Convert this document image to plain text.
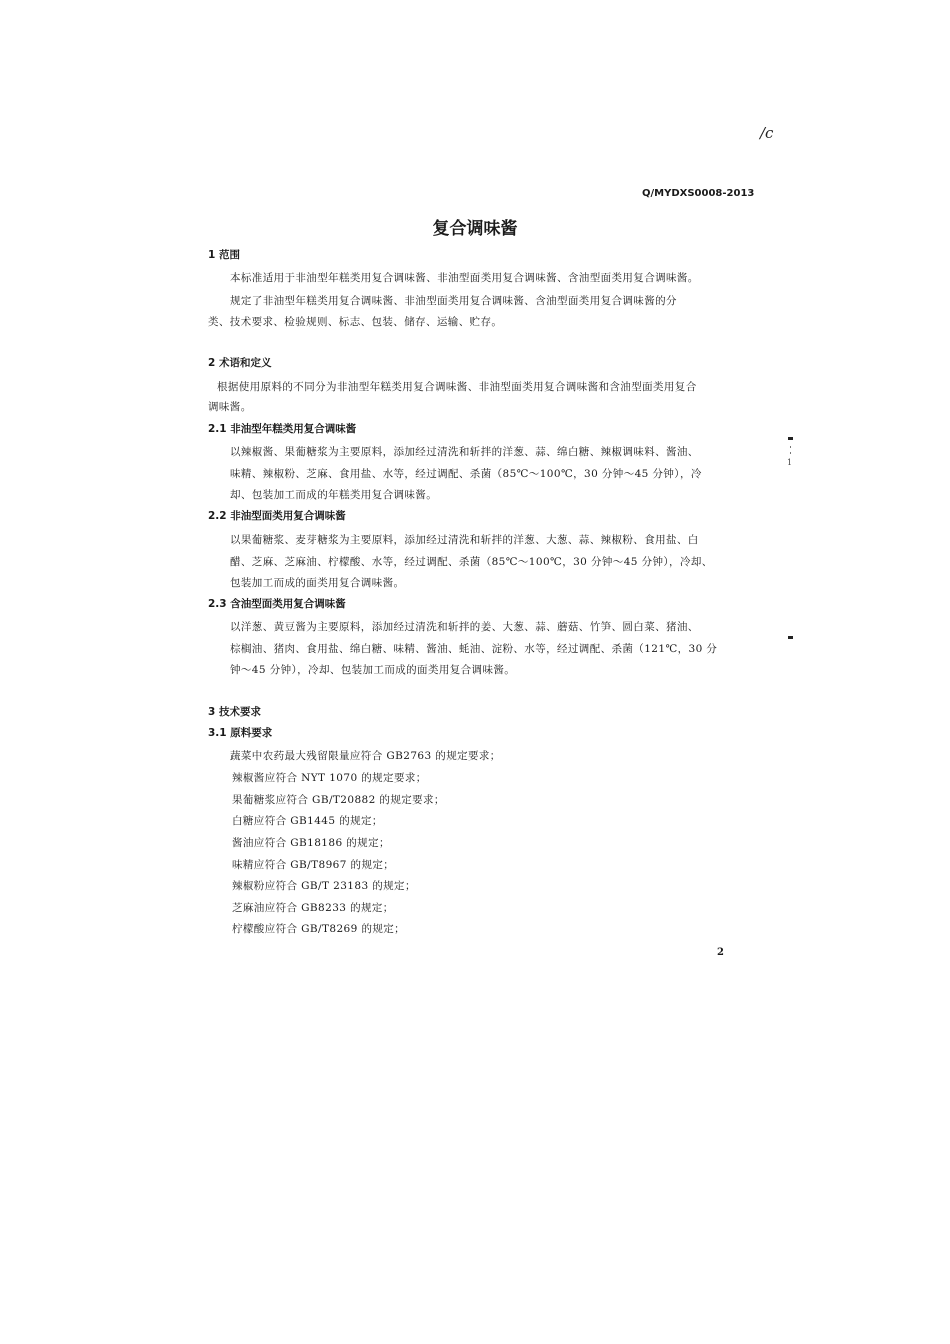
/c
Q/MYDXS0008-2013
复合调味酱
1 范围
本标准适用于非油型年糕类用复合调味酱、非油型面类用复合调味酱、含油型面类用复合调味酱。
规定了非油型年糕类用复合调味酱、非油型面类用复合调味酱、含油型面类用复合调味酱的分
类、技术要求、检验规则、标志、包装、储存、运输、贮存。
2 术语和定义
根据使用原料的不同分为非油型年糕类用复合调味酱、非油型面类用复合调味酱和含油型面类用复合
调味酱。
2.1 非油型年糕类用复合调味酱
以辣椒酱、果葡糖浆为主要原料，添加经过清洗和斩拌的洋葱、蒜、绵白糖、辣椒调味料、酱油、
味精、辣椒粉、芝麻、食用盐、水等，经过调配、杀菌（85℃～100℃，30 分钟～45 分钟），冷
却、包装加工而成的年糕类用复合调味酱。
2.2 非油型面类用复合调味酱
以果葡糖浆、麦芽糖浆为主要原料，添加经过清洗和斩拌的洋葱、大葱、蒜、辣椒粉、食用盐、白
醋、芝麻、芝麻油、柠檬酸、水等，经过调配、杀菌（85℃～100℃，30 分钟～45 分钟），冷却、
包装加工而成的面类用复合调味酱。
2.3 含油型面类用复合调味酱
以洋葱、黄豆酱为主要原料，添加经过清洗和斩拌的姜、大葱、蒜、蘑菇、竹笋、圆白菜、猪油、
棕榈油、猪肉、食用盐、绵白糖、味精、酱油、蚝油、淀粉、水等，经过调配、杀菌（121℃，30 分
钟～45 分钟），冷却、包装加工而成的面类用复合调味酱。
3 技术要求
3.1 原料要求
蔬菜中农药最大残留限量应符合 GB2763 的规定要求；
辣椒酱应符合 NYT 1070 的规定要求；
果葡糖浆应符合 GB/T20882 的规定要求；
白糖应符合 GB1445 的规定；
酱油应符合 GB18186 的规定；
味精应符合 GB/T8967 的规定；
辣椒粉应符合 GB/T 23183 的规定；
芝麻油应符合 GB8233 的规定；
柠檬酸应符合 GB/T8269 的规定；
2
1
